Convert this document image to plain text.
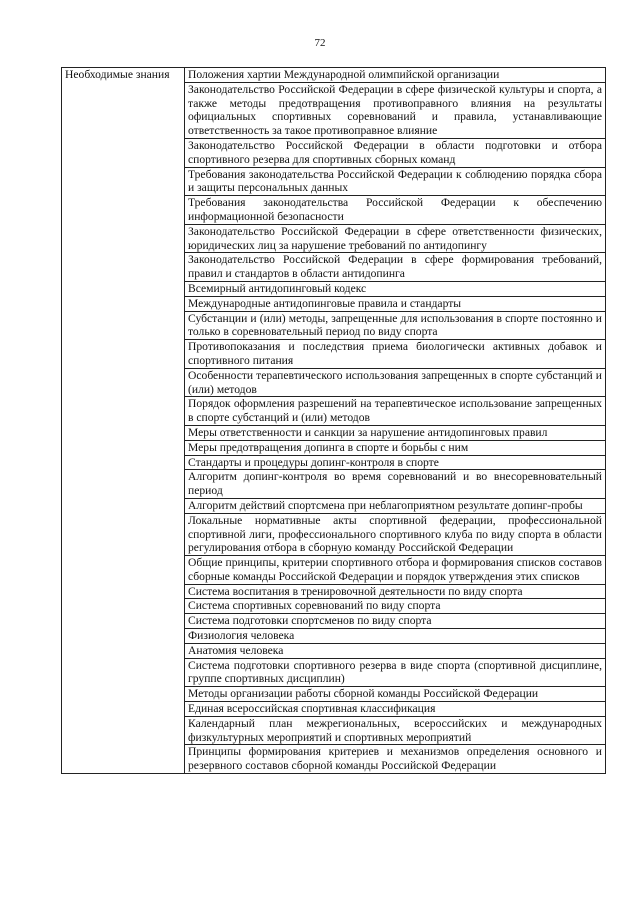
72
Необходимые знания	Положения хартии Международной олимпийской организации
Законодательство Российской Федерации в сфере физической культуры и спорта, а также методы предотвращения противоправного влияния на результаты официальных спортивных соревнований и правила, устанавливающие ответственность за такое противоправное влияние
Законодательство Российской Федерации в области подготовки и отбора спортивного резерва для спортивных сборных команд
Требования законодательства Российской Федерации к соблюдению порядка сбора и защиты персональных данных
Требования законодательства Российской Федерации к обеспечению информационной безопасности
Законодательство Российской Федерации в сфере ответственности физических, юридических лиц за нарушение требований по антидопингу
Законодательство Российской Федерации в сфере формирования требований, правил и стандартов в области антидопинга
Всемирный антидопинговый кодекс
Международные антидопинговые правила и стандарты
Субстанции и (или) методы, запрещенные для использования в спорте постоянно и только в соревновательный период по виду спорта
Противопоказания и последствия приема биологически активных добавок и спортивного питания
Особенности терапевтического использования запрещенных в спорте субстанций и (или) методов
Порядок оформления разрешений на терапевтическое использование запрещенных в спорте субстанций и (или) методов
Меры ответственности и санкции за нарушение антидопинговых правил
Меры предотвращения допинга в спорте и борьбы с ним
Стандарты и процедуры допинг-контроля в спорте
Алгоритм допинг-контроля во время соревнований и во внесоревновательный период
Алгоритм действий спортсмена при неблагоприятном результате допинг-пробы
Локальные нормативные акты спортивной федерации, профессиональной спортивной лиги, профессионального спортивного клуба по виду спорта в области регулирования отбора в сборную команду Российской Федерации
Общие принципы, критерии спортивного отбора и формирования списков составов сборные команды Российской Федерации и порядок утверждения этих списков
Система воспитания в тренировочной деятельности по виду спорта
Система спортивных соревнований по виду спорта
Система подготовки спортсменов по виду спорта
Физиология человека
Анатомия человека
Система подготовки спортивного резерва в виде спорта (спортивной дисциплине, группе спортивных дисциплин)
Методы организации работы сборной команды Российской Федерации
Единая всероссийская спортивная классификация
Календарный план межрегиональных, всероссийских и международных физкультурных мероприятий и спортивных мероприятий
Принципы формирования критериев и механизмов определения основного и резервного составов сборной команды Российской Федерации
